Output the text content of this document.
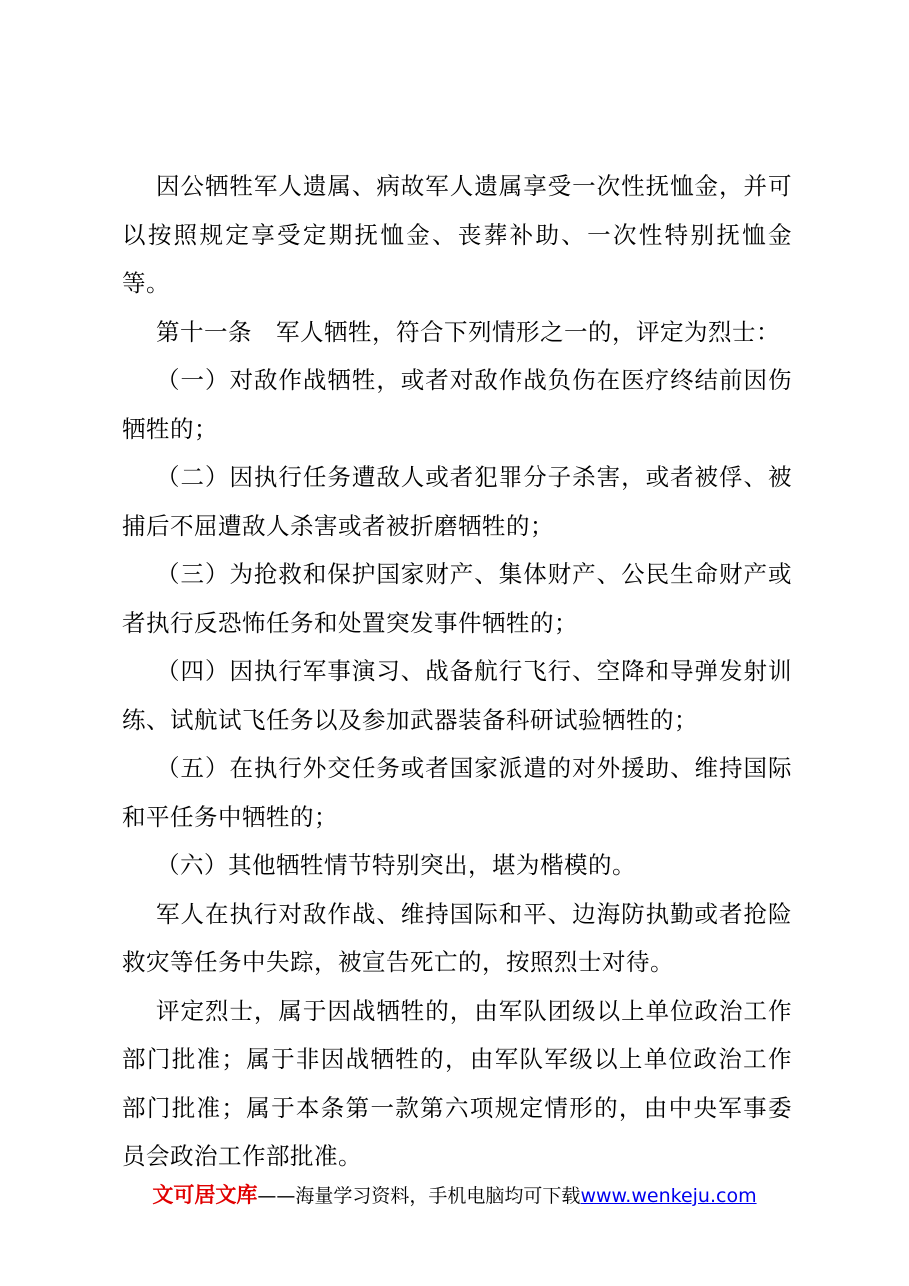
因公牺牲军人遗属、病故军人遗属享受一次性抚恤金，并可以按照规定享受定期抚恤金、丧葬补助、一次性特别抚恤金等。

第十一条　军人牺牲，符合下列情形之一的，评定为烈士：

（一）对敌作战牺牲，或者对敌作战负伤在医疗终结前因伤牺牲的；

（二）因执行任务遭敌人或者犯罪分子杀害，或者被俘、被捕后不屈遭敌人杀害或者被折磨牺牲的；

（三）为抢救和保护国家财产、集体财产、公民生命财产或者执行反恐怖任务和处置突发事件牺牲的；

（四）因执行军事演习、战备航行飞行、空降和导弹发射训练、试航试飞任务以及参加武器装备科研试验牺牲的；

（五）在执行外交任务或者国家派遣的对外援助、维持国际和平任务中牺牲的；

（六）其他牺牲情节特别突出，堪为楷模的。

军人在执行对敌作战、维持国际和平、边海防执勤或者抢险救灾等任务中失踪，被宣告死亡的，按照烈士对待。

评定烈士，属于因战牺牲的，由军队团级以上单位政治工作部门批准；属于非因战牺牲的，由军队军级以上单位政治工作部门批准；属于本条第一款第六项规定情形的，由中央军事委员会政治工作部批准。

文可居文库——海量学习资料，手机电脑均可下载www.wenkeju.com
